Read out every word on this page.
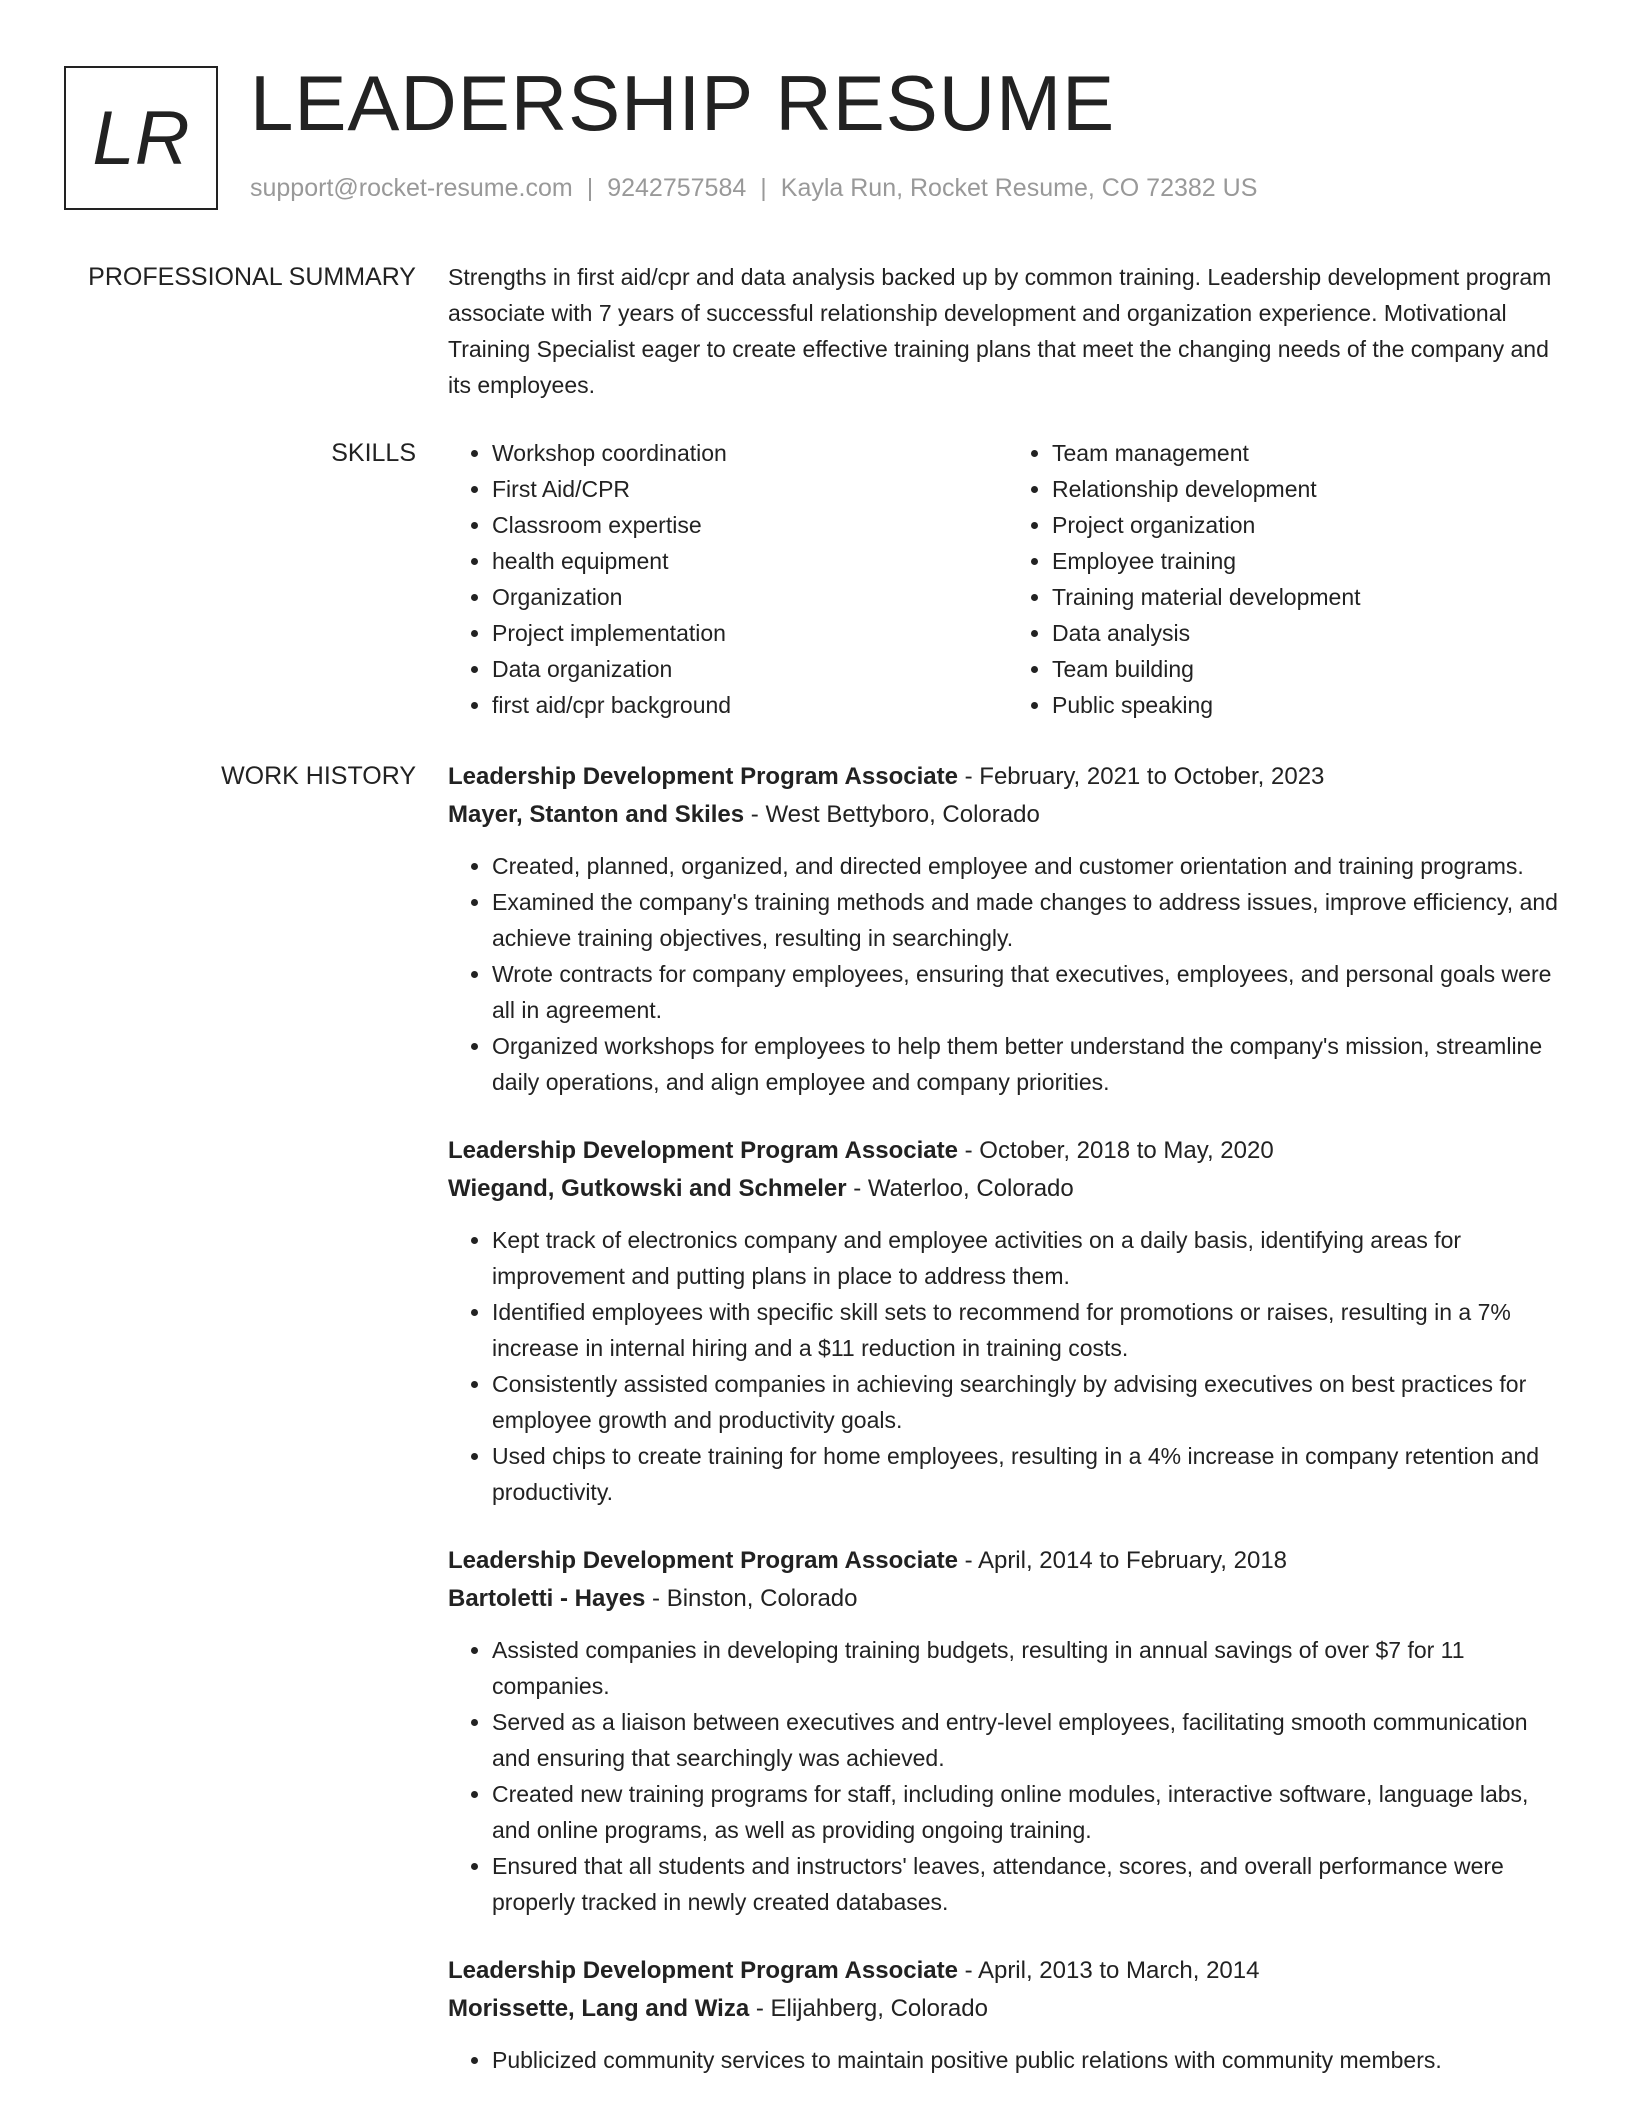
LR LEADERSHIP RESUME
support@rocket-resume.com | 9242757584 | Kayla Run, Rocket Resume, CO 72382 US
PROFESSIONAL SUMMARY Strengths in first aid/cpr and data analysis backed up by common training. Leadership development program associate with 7 years of successful relationship development and organization experience. Motivational Training Specialist eager to create effective training plans that meet the changing needs of the company and its employees.

SKILLS
•	Workshop coordination
• First Aid/CPR
• Classroom expertise
• health equipment
• Organization
• Project implementation
• Data organization
• first aid/cpr background
• Team management
• Relationship development
• Project organization
• Employee training
• Training material development
• Data analysis
• Team building
• Public speaking
WORK HISTORY Leadership Development Program Associate - February, 2021 to October, 2023
Mayer, Stanton and Skiles - West Bettyboro, Colorado
• Created, planned, organized, and directed employee and customer orientation and training programs.
• Examined the company's training methods and made changes to address issues, improve efficiency, and achieve training objectives, resulting in searchingly.
• Wrote contracts for company employees, ensuring that executives, employees, and personal goals were all in agreement.
• Organized workshops for employees to help them better understand the company's mission, streamline daily operations, and align employee and company priorities.
Leadership Development Program Associate - October, 2018 to May, 2020
Wiegand, Gutkowski and Schmeler - Waterloo, Colorado
• Kept track of electronics company and employee activities on a daily basis, identifying areas for improvement and putting plans in place to address them.
• Identified employees with specific skill sets to recommend for promotions or raises, resulting in a 7% increase in internal hiring and a $11 reduction in training costs.
• Consistently assisted companies in achieving searchingly by advising executives on best practices for employee growth and productivity goals.
• Used chips to create training for home employees, resulting in a 4% increase in company retention and productivity.
Leadership Development Program Associate - April, 2014 to February, 2018
Bartoletti - Hayes - Binston, Colorado
• Assisted companies in developing training budgets, resulting in annual savings of over $7 for 11 companies.
• Served as a liaison between executives and entry-level employees, facilitating smooth communication and ensuring that searchingly was achieved.
• Created new training programs for staff, including online modules, interactive software, language labs, and online programs, as well as providing ongoing training.
• Ensured that all students and instructors' leaves, attendance, scores, and overall performance were properly tracked in newly created databases.
Leadership Development Program Associate - April, 2013 to March, 2014
Morissette, Lang and Wiza - Elijahberg, Colorado
• Publicized community services to maintain positive public relations with community members.
